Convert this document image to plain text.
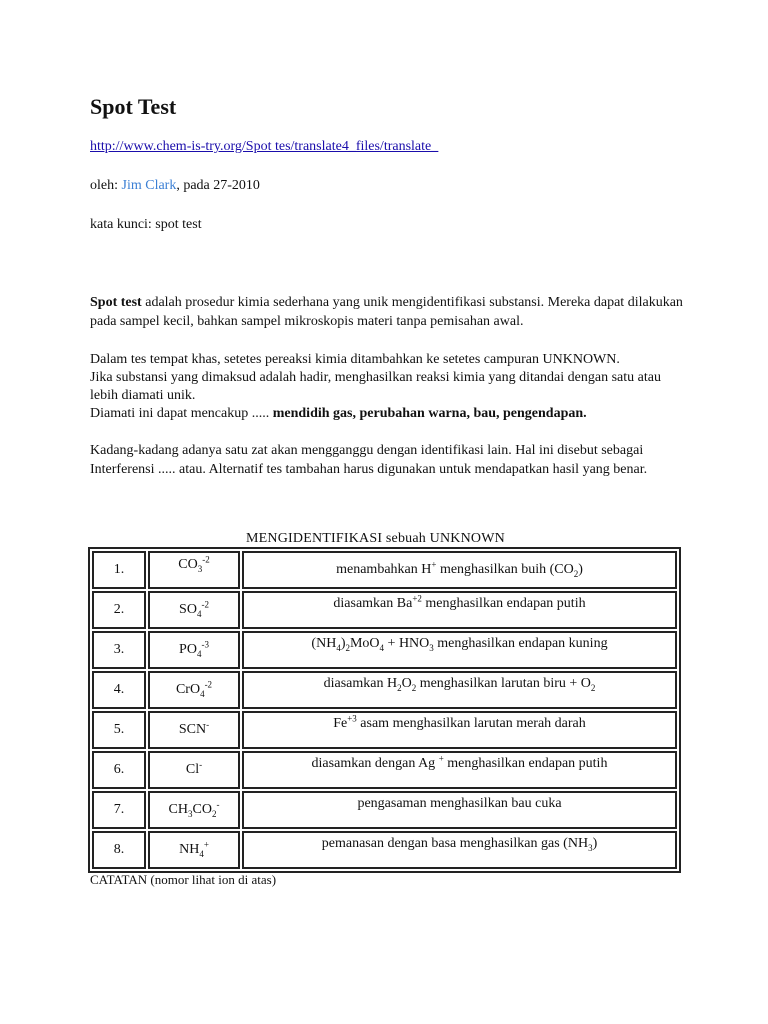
Spot Test
http://www.chem-is-try.org/Spot tes/translate4_files/translate_
oleh: Jim Clark, pada 27-2010
kata kunci: spot test

Spot test adalah prosedur kimia sederhana yang unik mengidentifikasi substansi. Mereka dapat dilakukan pada sampel kecil, bahkan sampel mikroskopis materi tanpa pemisahan awal.

Dalam tes tempat khas, setetes pereaksi kimia ditambahkan ke setetes campuran UNKNOWN.
Jika substansi yang dimaksud adalah hadir, menghasilkan reaksi kimia yang ditandai dengan satu atau lebih diamati unik.
Diamati ini dapat mencakup ..... mendidih gas, perubahan warna, bau, pengendapan.

Kadang-kadang adanya satu zat akan mengganggu dengan identifikasi lain. Hal ini disebut sebagai Interferensi ..... atau. Alternatif tes tambahan harus digunakan untuk mendapatkan hasil yang benar.

MENGIDENTIFIKASI sebuah UNKNOWN
1.	$CO_3^{-2}$	menambahkan H+ menghasilkan buih $(CO_2)$
2.	$SO_4^{-2}$	diasamkan $Ba^{+2}$ menghasilkan endapan putih
3.	$PO_4^{-3}$	$(NH_4)_2MoO_4 + HNO_3$ menghasilkan endapan kuning
4.	CrO$_4^{-2}$	diasamkan $H_2O_2$ menghasilkan larutan biru + $O_2$
5.	SCN-	$Fe^{+3}$ asam menghasilkan larutan merah darah
6.	Cl-	diasamkan dengan Ag + menghasilkan endapan putih
7.	$CH_3CO_2^-$	pengasaman menghasilkan bau cuka
8.	$NH_4^+$	pemanasan dengan basa menghasilkan gas $(NH_3)$
CATATAN (nomor lihat ion di atas)
